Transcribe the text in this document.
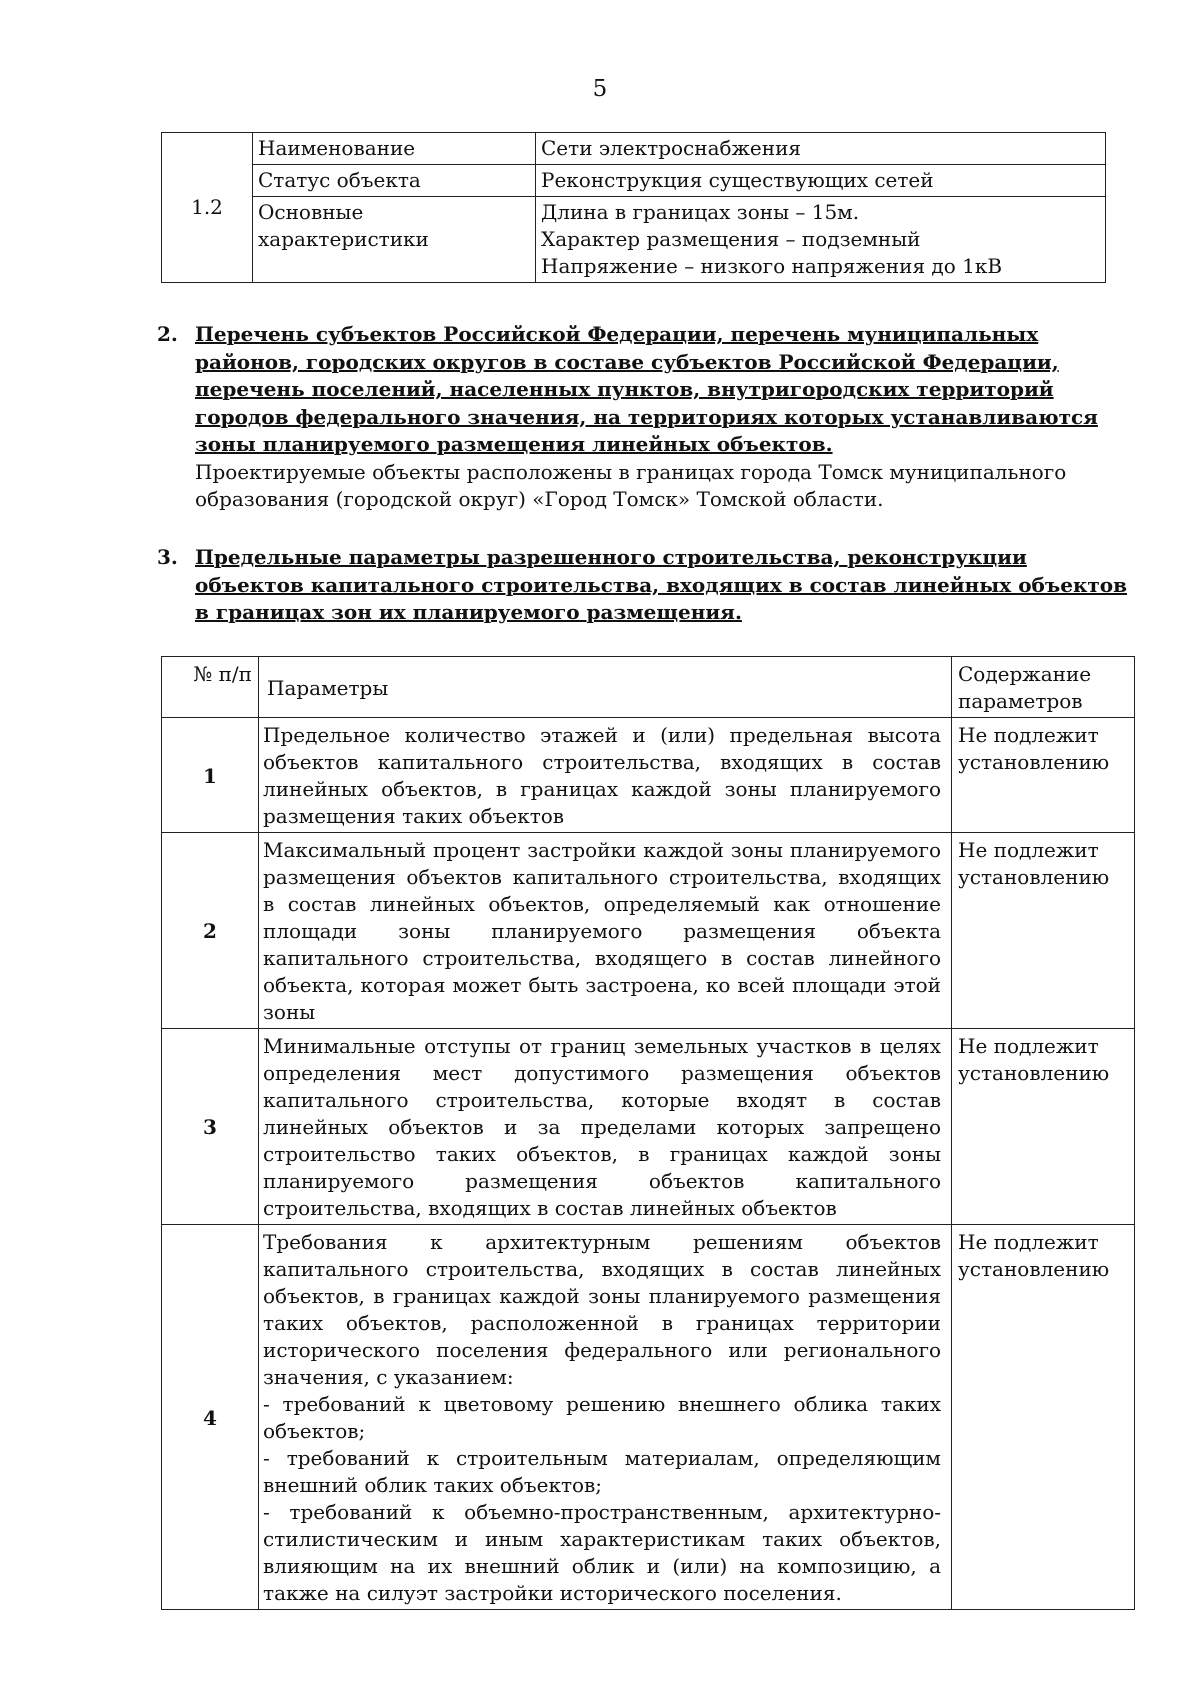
5
1.2	Наименование	Сети электроснабжения

	Статус объекта	Реконструкция существующих сетей

	Основные характеристики	Длина в границах зоны – 15м.
Характер размещения – подземный
Напряжение – низкого напряжения до 1кВ
2. Перечень субъектов Российской Федерации, перечень муниципальных районов, городских округов в составе субъектов Российской Федерации, перечень поселений, населенных пунктов, внутригородских территорий городов федерального значения, на территориях которых устанавливаются зоны планируемого размещения линейных объектов.
Проектируемые объекты расположены в границах города Томск муниципального образования (городской округ) «Город Томск» Томской области.
3. Предельные параметры разрешенного строительства, реконструкции объектов капитального строительства, входящих в состав линейных объектов в границах зон их планируемого размещения.
№ п/п	Параметры	Содержание параметров
1	Предельное количество этажей и (или) предельная высота объектов капитального строительства, входящих в состав линейных объектов, в границах каждой зоны планируемого размещения таких объектов	Не подлежит установлению
2	Максимальный процент застройки каждой зоны планируемого размещения объектов капитального строительства, входящих в состав линейных объектов, определяемый как отношение площади зоны планируемого размещения объекта капитального строительства, входящего в состав линейного объекта, которая может быть застроена, ко всей площади этой зоны	Не подлежит установлению
3	Минимальные отступы от границ земельных участков в целях определения мест допустимого размещения объектов капитального строительства, которые входят в состав линейных объектов и за пределами которых запрещено строительство таких объектов, в границах каждой зоны планируемого размещения объектов капитального строительства, входящих в состав линейных объектов	Не подлежит установлению
4	Требования к архитектурным решениям объектов капитального строительства, входящих в состав линейных объектов, в границах каждой зоны планируемого размещения таких объектов, расположенной в границах территории исторического поселения федерального или регионального значения, с указанием:
- требований к цветовому решению внешнего облика таких объектов;
- требований к строительным материалам, определяющим внешний облик таких объектов;
- требований к объемно-пространственным, архитектурно-стилистическим и иным характеристикам таких объектов, влияющим на их внешний облик и (или) на композицию, а также на силуэт застройки исторического поселения.	Не подлежит установлению
